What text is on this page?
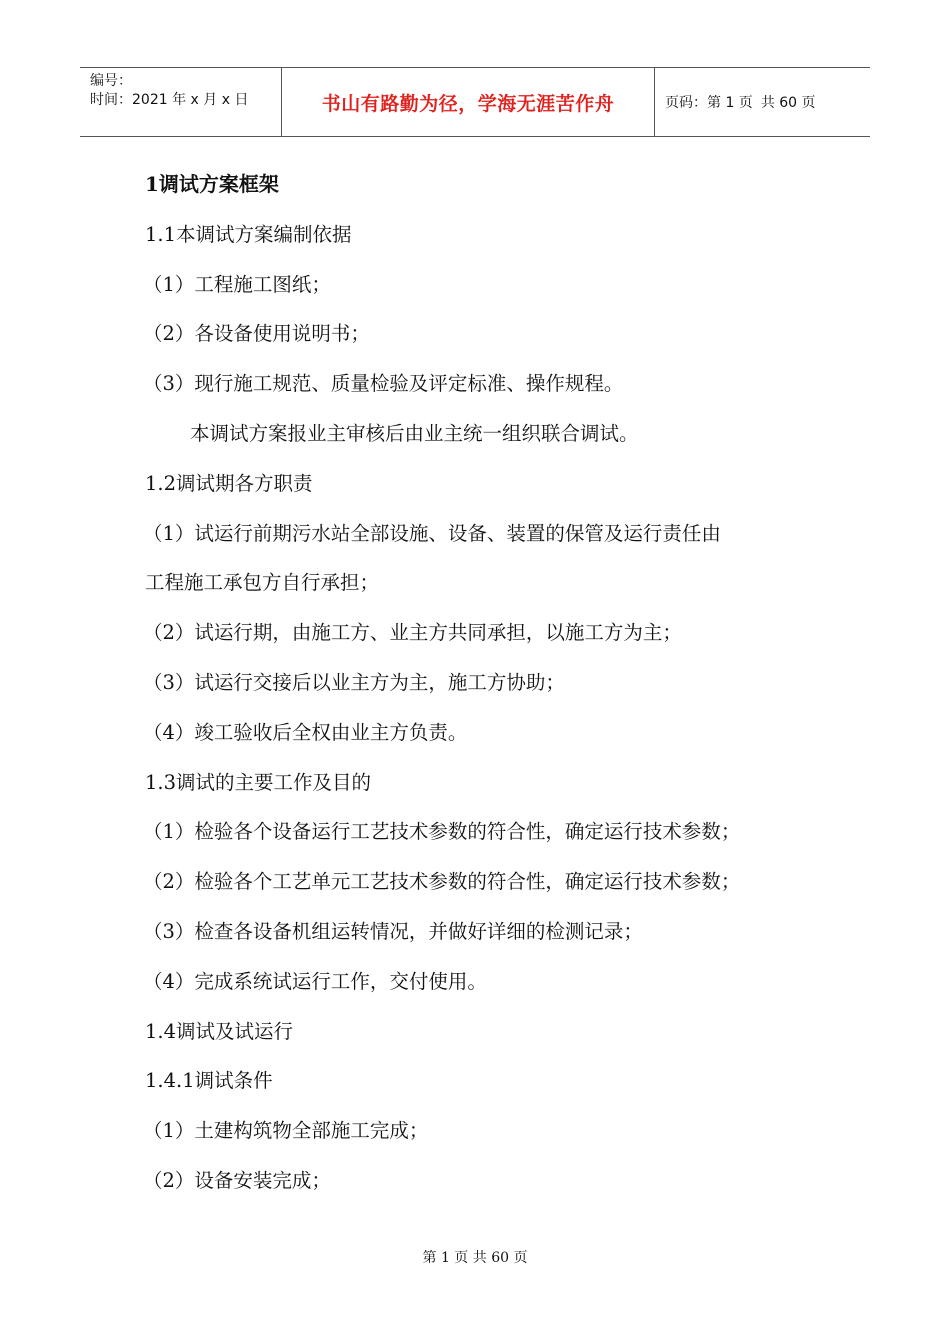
编号：
时间：2021 年 x 月 x 日	书山有路勤为径，学海无涯苦作舟	页码：第 1 页 共 60 页
1调试方案框架
1.1本调试方案编制依据
（1）工程施工图纸；
（2）各设备使用说明书；
（3）现行施工规范、质量检验及评定标准、操作规程。
本调试方案报业主审核后由业主统一组织联合调试。
1.2调试期各方职责
（1）试运行前期污水站全部设施、设备、装置的保管及运行责任由
工程施工承包方自行承担；
（2）试运行期，由施工方、业主方共同承担，以施工方为主；
（3）试运行交接后以业主方为主，施工方协助；
（4）竣工验收后全权由业主方负责。
1.3调试的主要工作及目的
（1）检验各个设备运行工艺技术参数的符合性，确定运行技术参数；
（2）检验各个工艺单元工艺技术参数的符合性，确定运行技术参数；
（3）检查各设备机组运转情况，并做好详细的检测记录；
（4）完成系统试运行工作，交付使用。
1.4调试及试运行
1.4.1调试条件
（1）土建构筑物全部施工完成；
（2）设备安装完成；
第 1 页 共 60 页
